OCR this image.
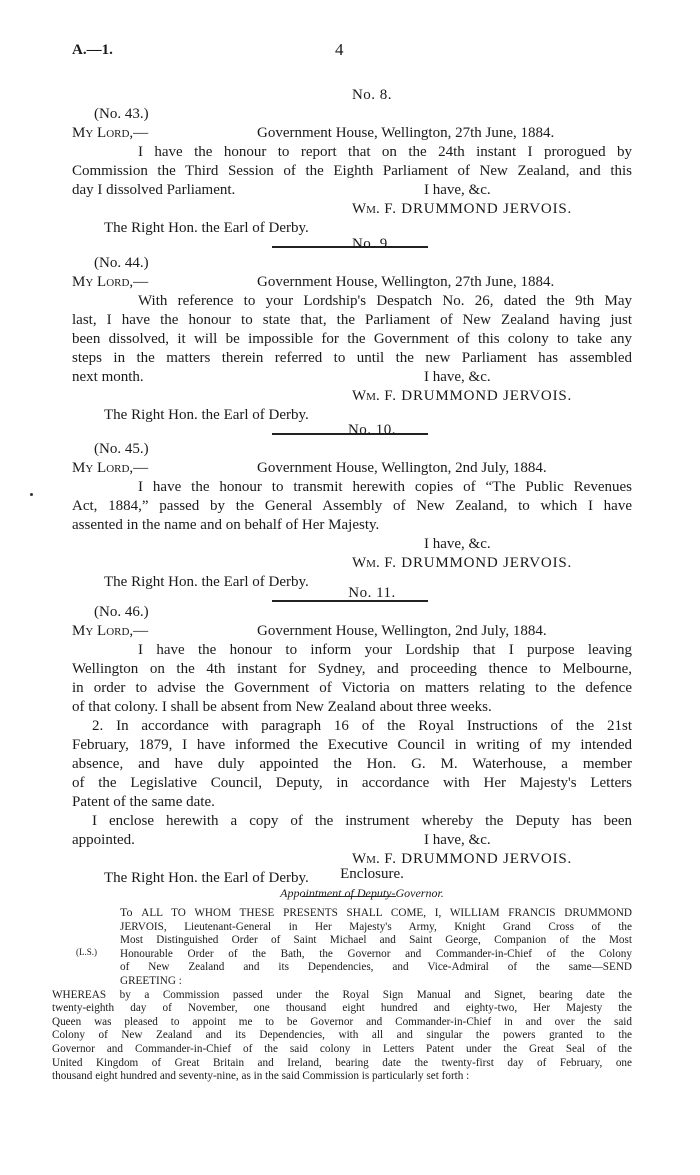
A.—1.	4
No. 8.
(No. 43.)
My Lord,—	Government House, Wellington, 27th June, 1884.
I have the honour to report that on the 24th instant I prorogued by
Commission the Third Session of the Eighth Parliament of New Zealand, and this
day I dissolved Parliament.	I have, &c.
Wm. F. DRUMMOND JERVOIS.
The Right Hon. the Earl of Derby.
No. 9.
(No. 44.)
My Lord,—	Government House, Wellington, 27th June, 1884.
With reference to your Lordship's Despatch No. 26, dated the 9th May
last, I have the honour to state that, the Parliament of New Zealand having just
been dissolved, it will be impossible for the Government of this colony to take any
steps in the matters therein referred to until the new Parliament has assembled
next month.	I have, &c.
Wm. F. DRUMMOND JERVOIS.
The Right Hon. the Earl of Derby.
No. 10.
(No. 45.)
My Lord,—	Government House, Wellington, 2nd July, 1884.
I have the honour to transmit herewith copies of “The Public Revenues
Act, 1884,” passed by the General Assembly of New Zealand, to which I have
assented in the name and on behalf of Her Majesty.
I have, &c.
Wm. F. DRUMMOND JERVOIS.
The Right Hon. the Earl of Derby.
No. 11.
(No. 46.)
My Lord,—	Government House, Wellington, 2nd July, 1884.
I have the honour to inform your Lordship that I purpose leaving
Wellington on the 4th instant for Sydney, and proceeding thence to Melbourne,
in order to advise the Government of Victoria on matters relating to the defence
of that colony. I shall be absent from New Zealand about three weeks.
2. In accordance with paragraph 16 of the Royal Instructions of the 21st
February, 1879, I have informed the Executive Council in writing of my intended
absence, and have duly appointed the Hon. G. M. Waterhouse, a member
of the Legislative Council, Deputy, in accordance with Her Majesty's Letters
Patent of the same date.
I enclose herewith a copy of the instrument whereby the Deputy has been
appointed.	I have, &c.
Wm. F. DRUMMOND JERVOIS.
The Right Hon. the Earl of Derby.	Enclosure.
Appointment of Deputy-Governor.
(L.S.)
To ALL TO WHOM THESE PRESENTS SHALL COME, I, WILLIAM FRANCIS DRUMMOND
JERVOIS, Lieutenant-General in Her Majesty's Army, Knight Grand Cross of the
Most Distinguished Order of Saint Michael and Saint George, Companion of the Most
Honourable Order of the Bath, the Governor and Commander-in-Chief of the Colony
of New Zealand and its Dependencies, and Vice-Admiral of the same—SEND
GREETING :
WHEREAS by a Commission passed under the Royal Sign Manual and Signet, bearing date the
twenty-eighth day of November, one thousand eight hundred and eighty-two, Her Majesty the
Queen was pleased to appoint me to be Governor and Commander-in-Chief in and over the said
Colony of New Zealand and its Dependencies, with all and singular the powers granted to the
Governor and Commander-in-Chief of the said colony in Letters Patent under the Great Seal of the
United Kingdom of Great Britain and Ireland, bearing date the twenty-first day of February, one
thousand eight hundred and seventy-nine, as in the said Commission is particularly set forth :
